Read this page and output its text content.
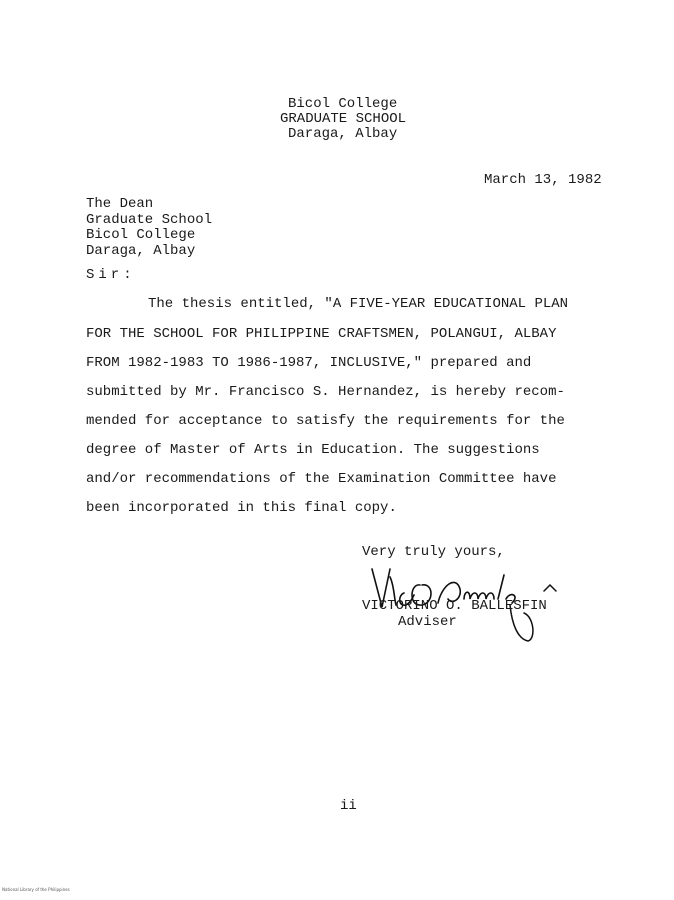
Bicol College
GRADUATE SCHOOL
Daraga, Albay
March 13, 1982
The Dean
Graduate School
Bicol College
Daraga, Albay
Sir:
The thesis entitled, "A FIVE-YEAR EDUCATIONAL PLAN
FOR THE SCHOOL FOR PHILIPPINE CRAFTSMEN, POLANGUI, ALBAY
FROM 1982-1983 TO 1986-1987, INCLUSIVE," prepared and
submitted by Mr. Francisco S. Hernandez, is hereby recom-
mended for acceptance to satisfy the requirements for the
degree of Master of Arts in Education. The suggestions
and/or recommendations of the Examination Committee have
been incorporated in this final copy.
Very truly yours,
VICTORINO O. BALLESFIN
Adviser
ii
National Library of the Philippines
